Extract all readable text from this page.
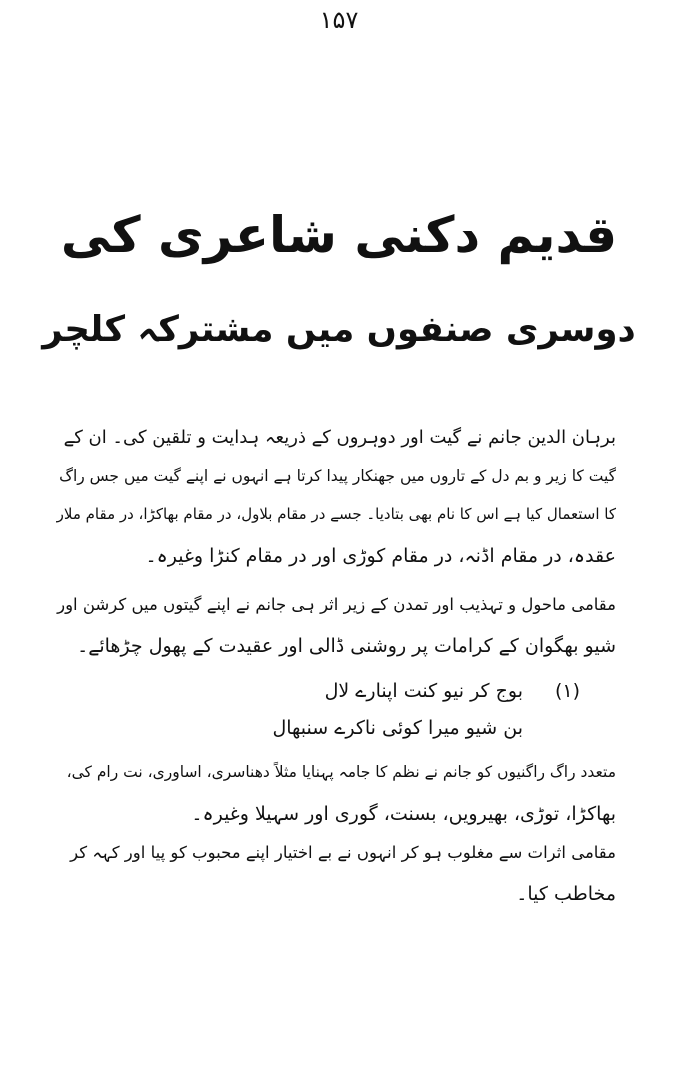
۱۵۷
قدیم دکنی شاعری کی
دوسری صنفوں میں مشترکہ کلچر
برہان الدین جانم نے گیت اور دوہروں کے ذریعہ ہدایت و تلقین کی۔ ان کے
گیت کا زیر و بم دل کے تاروں میں جھنکار پیدا کرتا ہے انہوں نے اپنے گیت میں جس راگ
کا استعمال کیا ہے اس کا نام بھی بتادیا۔ جسے در مقام بلاول، در مقام بھاکڑا، در مقام ملار
عقدہ، در مقام اڈنہ، در مقام کوڑی اور در مقام کنڑا وغیرہ۔
مقامی ماحول و تہذیب اور تمدن کے زیر اثر ہی جانم نے اپنے گیتوں میں کرشن اور
شیو بھگوان کے کرامات پر روشنی ڈالی اور عقیدت کے پھول چڑھائے۔
(۱)
بوج کر نیو کنت اپنارے لال
بن شیو میرا کوئی ناکرے سنبھال
متعدد راگ راگنیوں کو جانم نے نظم کا جامہ پہنایا مثلاً دھناسری، اساوری، نت رام کی،
بھاکڑا، توڑی، بھیرویں، بسنت، گوری اور سہیلا وغیرہ۔
مقامی اثرات سے مغلوب ہو کر انہوں نے بے اختیار اپنے محبوب کو پیا اور کہہ کر
مخاطب کیا۔
